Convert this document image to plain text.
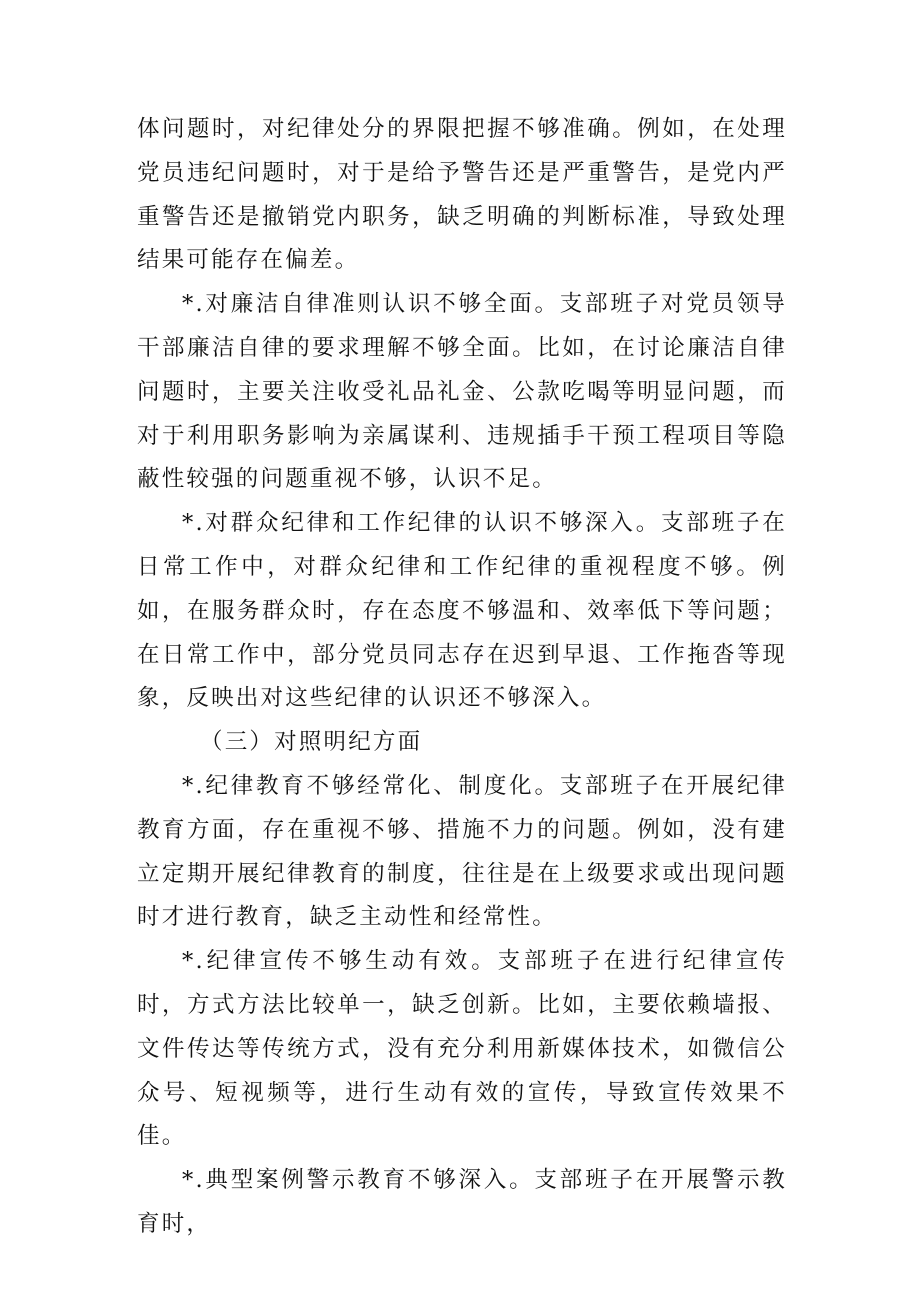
体问题时，对纪律处分的界限把握不够准确。例如，在处理党员违纪问题时，对于是给予警告还是严重警告，是党内严重警告还是撤销党内职务，缺乏明确的判断标准，导致处理结果可能存在偏差。

*.对廉洁自律准则认识不够全面。支部班子对党员领导干部廉洁自律的要求理解不够全面。比如，在讨论廉洁自律问题时，主要关注收受礼品礼金、公款吃喝等明显问题，而对于利用职务影响为亲属谋利、违规插手干预工程项目等隐蔽性较强的问题重视不够，认识不足。

*.对群众纪律和工作纪律的认识不够深入。支部班子在日常工作中，对群众纪律和工作纪律的重视程度不够。例如，在服务群众时，存在态度不够温和、效率低下等问题；在日常工作中，部分党员同志存在迟到早退、工作拖沓等现象，反映出对这些纪律的认识还不够深入。

（三）对照明纪方面

*.纪律教育不够经常化、制度化。支部班子在开展纪律教育方面，存在重视不够、措施不力的问题。例如，没有建立定期开展纪律教育的制度，往往是在上级要求或出现问题时才进行教育，缺乏主动性和经常性。

*.纪律宣传不够生动有效。支部班子在进行纪律宣传时，方式方法比较单一，缺乏创新。比如，主要依赖墙报、文件传达等传统方式，没有充分利用新媒体技术，如微信公众号、短视频等，进行生动有效的宣传，导致宣传效果不佳。

*.典型案例警示教育不够深入。支部班子在开展警示教育时，
